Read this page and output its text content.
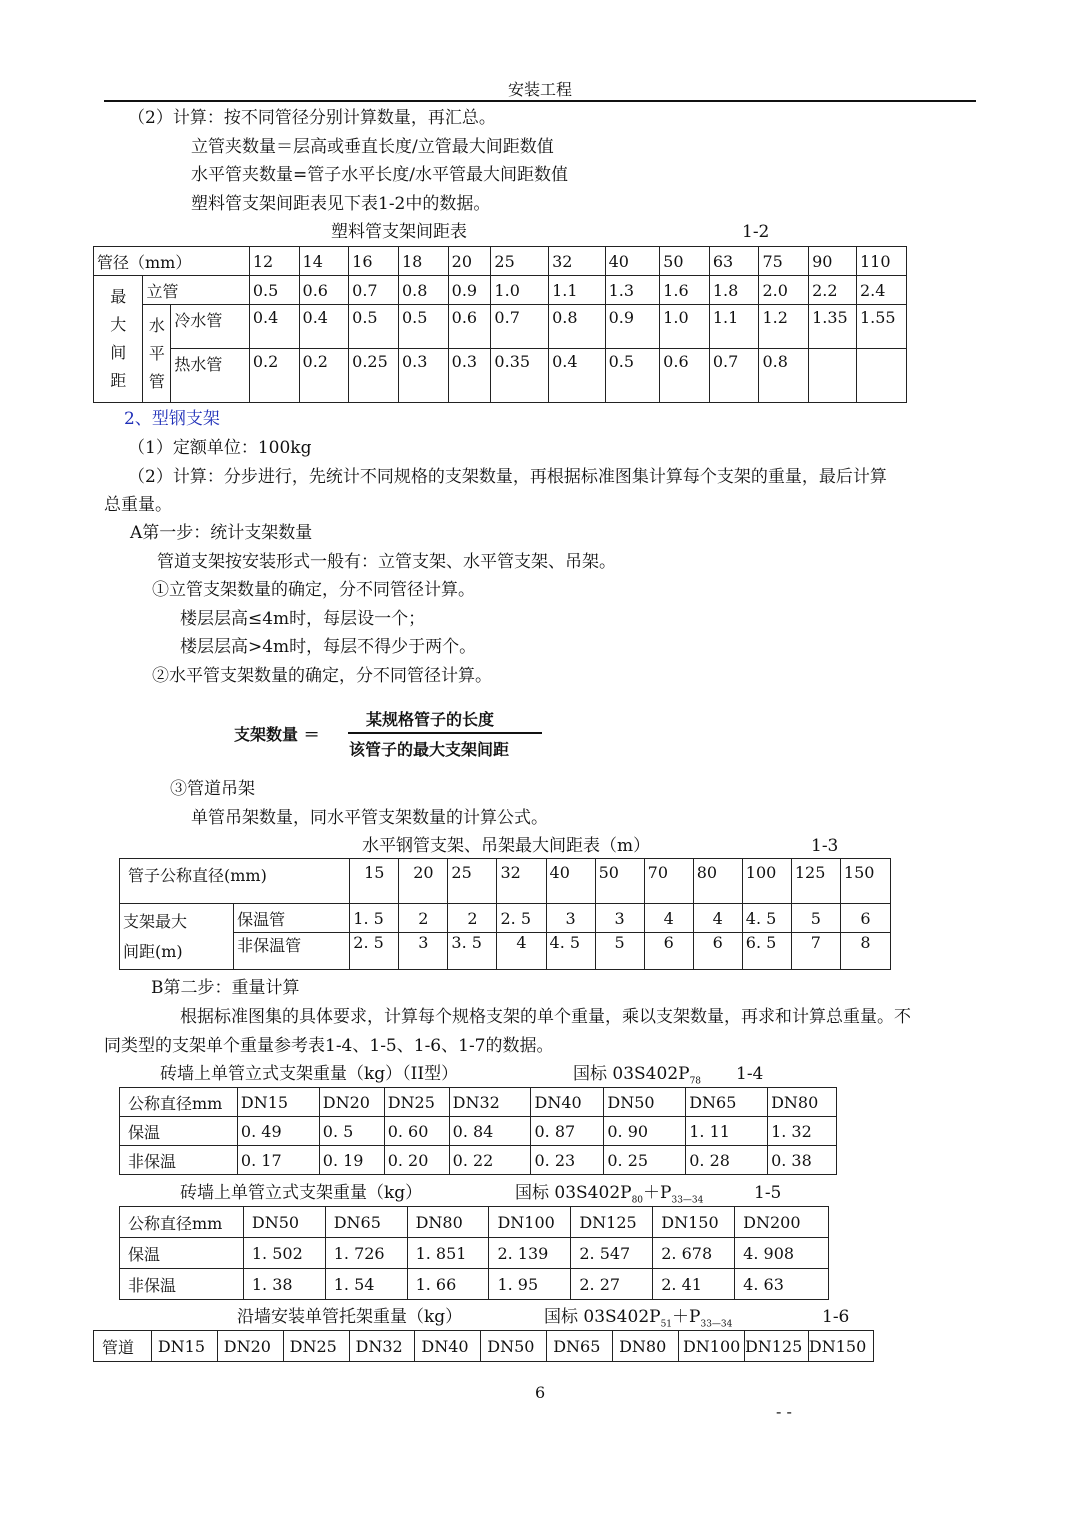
安装工程
（2）计算：按不同管径分别计算数量，再汇总。
立管夹数量＝层高或垂直长度/立管最大间距数值
水平管夹数量=管子水平长度/水平管最大间距数值
塑料管支架间距表见下表1-2中的数据。
塑料管支架间距表	1-2
管径（mm）			12	14	16	18	20	25	32	40	50	63	75	90	110

最
大
间
距	立管		0.5	0.6	0.7	0.8	0.9	1.0	1.1	1.3	1.6	1.8	2.0	2.2	2.4

	水
平
管	冷水管	0.4	0.4	0.5	0.5	0.6	0.7	0.8	0.9	1.0	1.1	1.2	1.35	1.55
		热水管	0.2	0.2	0.25	0.3	0.3	0.35	0.4	0.5	0.6	0.7	0.8		
2、型钢支架
（1）定额单位：100kg
（2）计算：分步进行，先统计不同规格的支架数量，再根据标准图集计算每个支架的重量，最后计算
总重量。
A第一步：统计支架数量
管道支架按安装形式一般有：立管支架、水平管支架、吊架。
①立管支架数量的确定，分不同管径计算。
楼层层高≤4m时，每层设一个；
楼层层高>4m时，每层不得少于两个。
②水平管支架数量的确定，分不同管径计算。
支架数量 ＝
某规格管子的长度
该管子的最大支架间距
③管道吊架
单管吊架数量，同水平管支架数量的计算公式。
水平钢管支架、吊架最大间距表（m）	1-3
管子公称直径(mm)		15	20	25	32	40	50	70	80	100	125	150

支架最大
间距(m)	保温管	1. 5	2	2	2. 5	3	3	4	4	4. 5	5	6
	非保温管	2. 5	3	3. 5	4	4. 5	5	6	6	6. 5	7	8
B第二步：重量计算
根据标准图集的具体要求，计算每个规格支架的单个重量，乘以支架数量，再求和计算总重量。不
同类型的支架单个重量参考表1-4、1-5、1-6、1-7的数据。
砖墙上单管立式支架重量（kg）（II型）	国标 $03S402P_{78}$ 1-4
公称直径mm	DN15	DN20	DN25	DN32	DN40	DN50	DN65	DN80
保温	0. 49	0. 5	0. 60	0. 84	0. 87	0. 90	1. 11	1. 32
非保温	0. 17	0. 19	0. 20	0. 22	0. 23	0. 25	0. 28	0. 38
砖墙上单管立式支架重量（kg）	国标 $03S402P_{80}+P_{33—34}$	1-5
公称直径mm	DN50	DN65	DN80	DN100	DN125	DN150	DN200
保温	1. 502	1. 726	1. 851	2. 139	2. 547	2. 678	4. 908
非保温	1. 38	1. 54	1. 66	1. 95	2. 27	2. 41	4. 63
沿墙安装单管托架重量（kg）	国标 $03S402P_{51}+P_{33—34}$	1-6
管道	DN15	DN20	DN25	DN32	DN40	DN50	DN65	DN80	DN100	DN125	DN150
6
- -
